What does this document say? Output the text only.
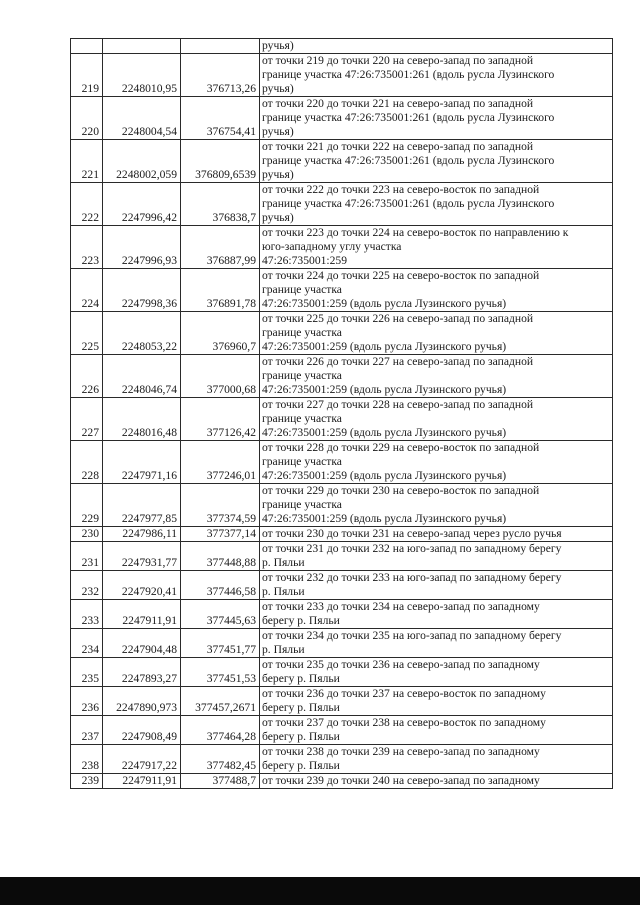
			ручья)

219	2248010,95	376713,26	от точки 219 до точки 220 на северо-запад по западной
границе участка 47:26:735001:261 (вдоль русла Лузинского
ручья)

220	2248004,54	376754,41	от точки 220 до точки 221 на северо-запад по западной
границе участка 47:26:735001:261 (вдоль русла Лузинского
ручья)

221	2248002,059	376809,6539	от точки 221 до точки 222 на северо-запад по западной
границе участка 47:26:735001:261 (вдоль русла Лузинского
ручья)

222	2247996,42	376838,7	от точки 222 до точки 223 на северо-восток по западной
границе участка 47:26:735001:261 (вдоль русла Лузинского
ручья)

223	2247996,93	376887,99	от точки 223 до точки 224 на северо-восток по направлению к
юго-западному углу участка
47:26:735001:259

224	2247998,36	376891,78	от точки 224 до точки 225 на северо-восток по западной
границе участка
47:26:735001:259 (вдоль русла Лузинского ручья)

225	2248053,22	376960,7	от точки 225 до точки 226 на северо-запад по западной
границе участка
47:26:735001:259 (вдоль русла Лузинского ручья)

226	2248046,74	377000,68	от точки 226 до точки 227 на северо-запад по западной
границе участка
47:26:735001:259 (вдоль русла Лузинского ручья)

227	2248016,48	377126,42	от точки 227 до точки 228 на северо-запад по западной
границе участка
47:26:735001:259 (вдоль русла Лузинского ручья)

228	2247971,16	377246,01	от точки 228 до точки 229 на северо-восток по западной
границе участка
47:26:735001:259 (вдоль русла Лузинского ручья)

229	2247977,85	377374,59	от точки 229 до точки 230 на северо-восток по западной
границе участка
47:26:735001:259 (вдоль русла Лузинского ручья)

230	2247986,11	377377,14	от точки 230 до точки 231 на северо-запад через русло ручья

231	2247931,77	377448,88	от точки 231 до точки 232 на юго-запад по западному берегу
р. Пяльи

232	2247920,41	377446,58	от точки 232 до точки 233 на юго-запад по западному берегу
р. Пяльи

233	2247911,91	377445,63	от точки 233 до точки 234 на северо-запад по западному
берегу р. Пяльи

234	2247904,48	377451,77	от точки 234 до точки 235 на юго-запад по западному берегу
р. Пяльи

235	2247893,27	377451,53	от точки 235 до точки 236 на северо-запад по западному
берегу р. Пяльи

236	2247890,973	377457,2671	от точки 236 до точки 237 на северо-восток по западному
берегу р. Пяльи

237	2247908,49	377464,28	от точки 237 до точки 238 на северо-восток по западному
берегу р. Пяльи

238	2247917,22	377482,45	от точки 238 до точки 239 на северо-запад по западному
берегу р. Пяльи

239	2247911,91	377488,7	от точки 239 до точки 240 на северо-запад по западному
